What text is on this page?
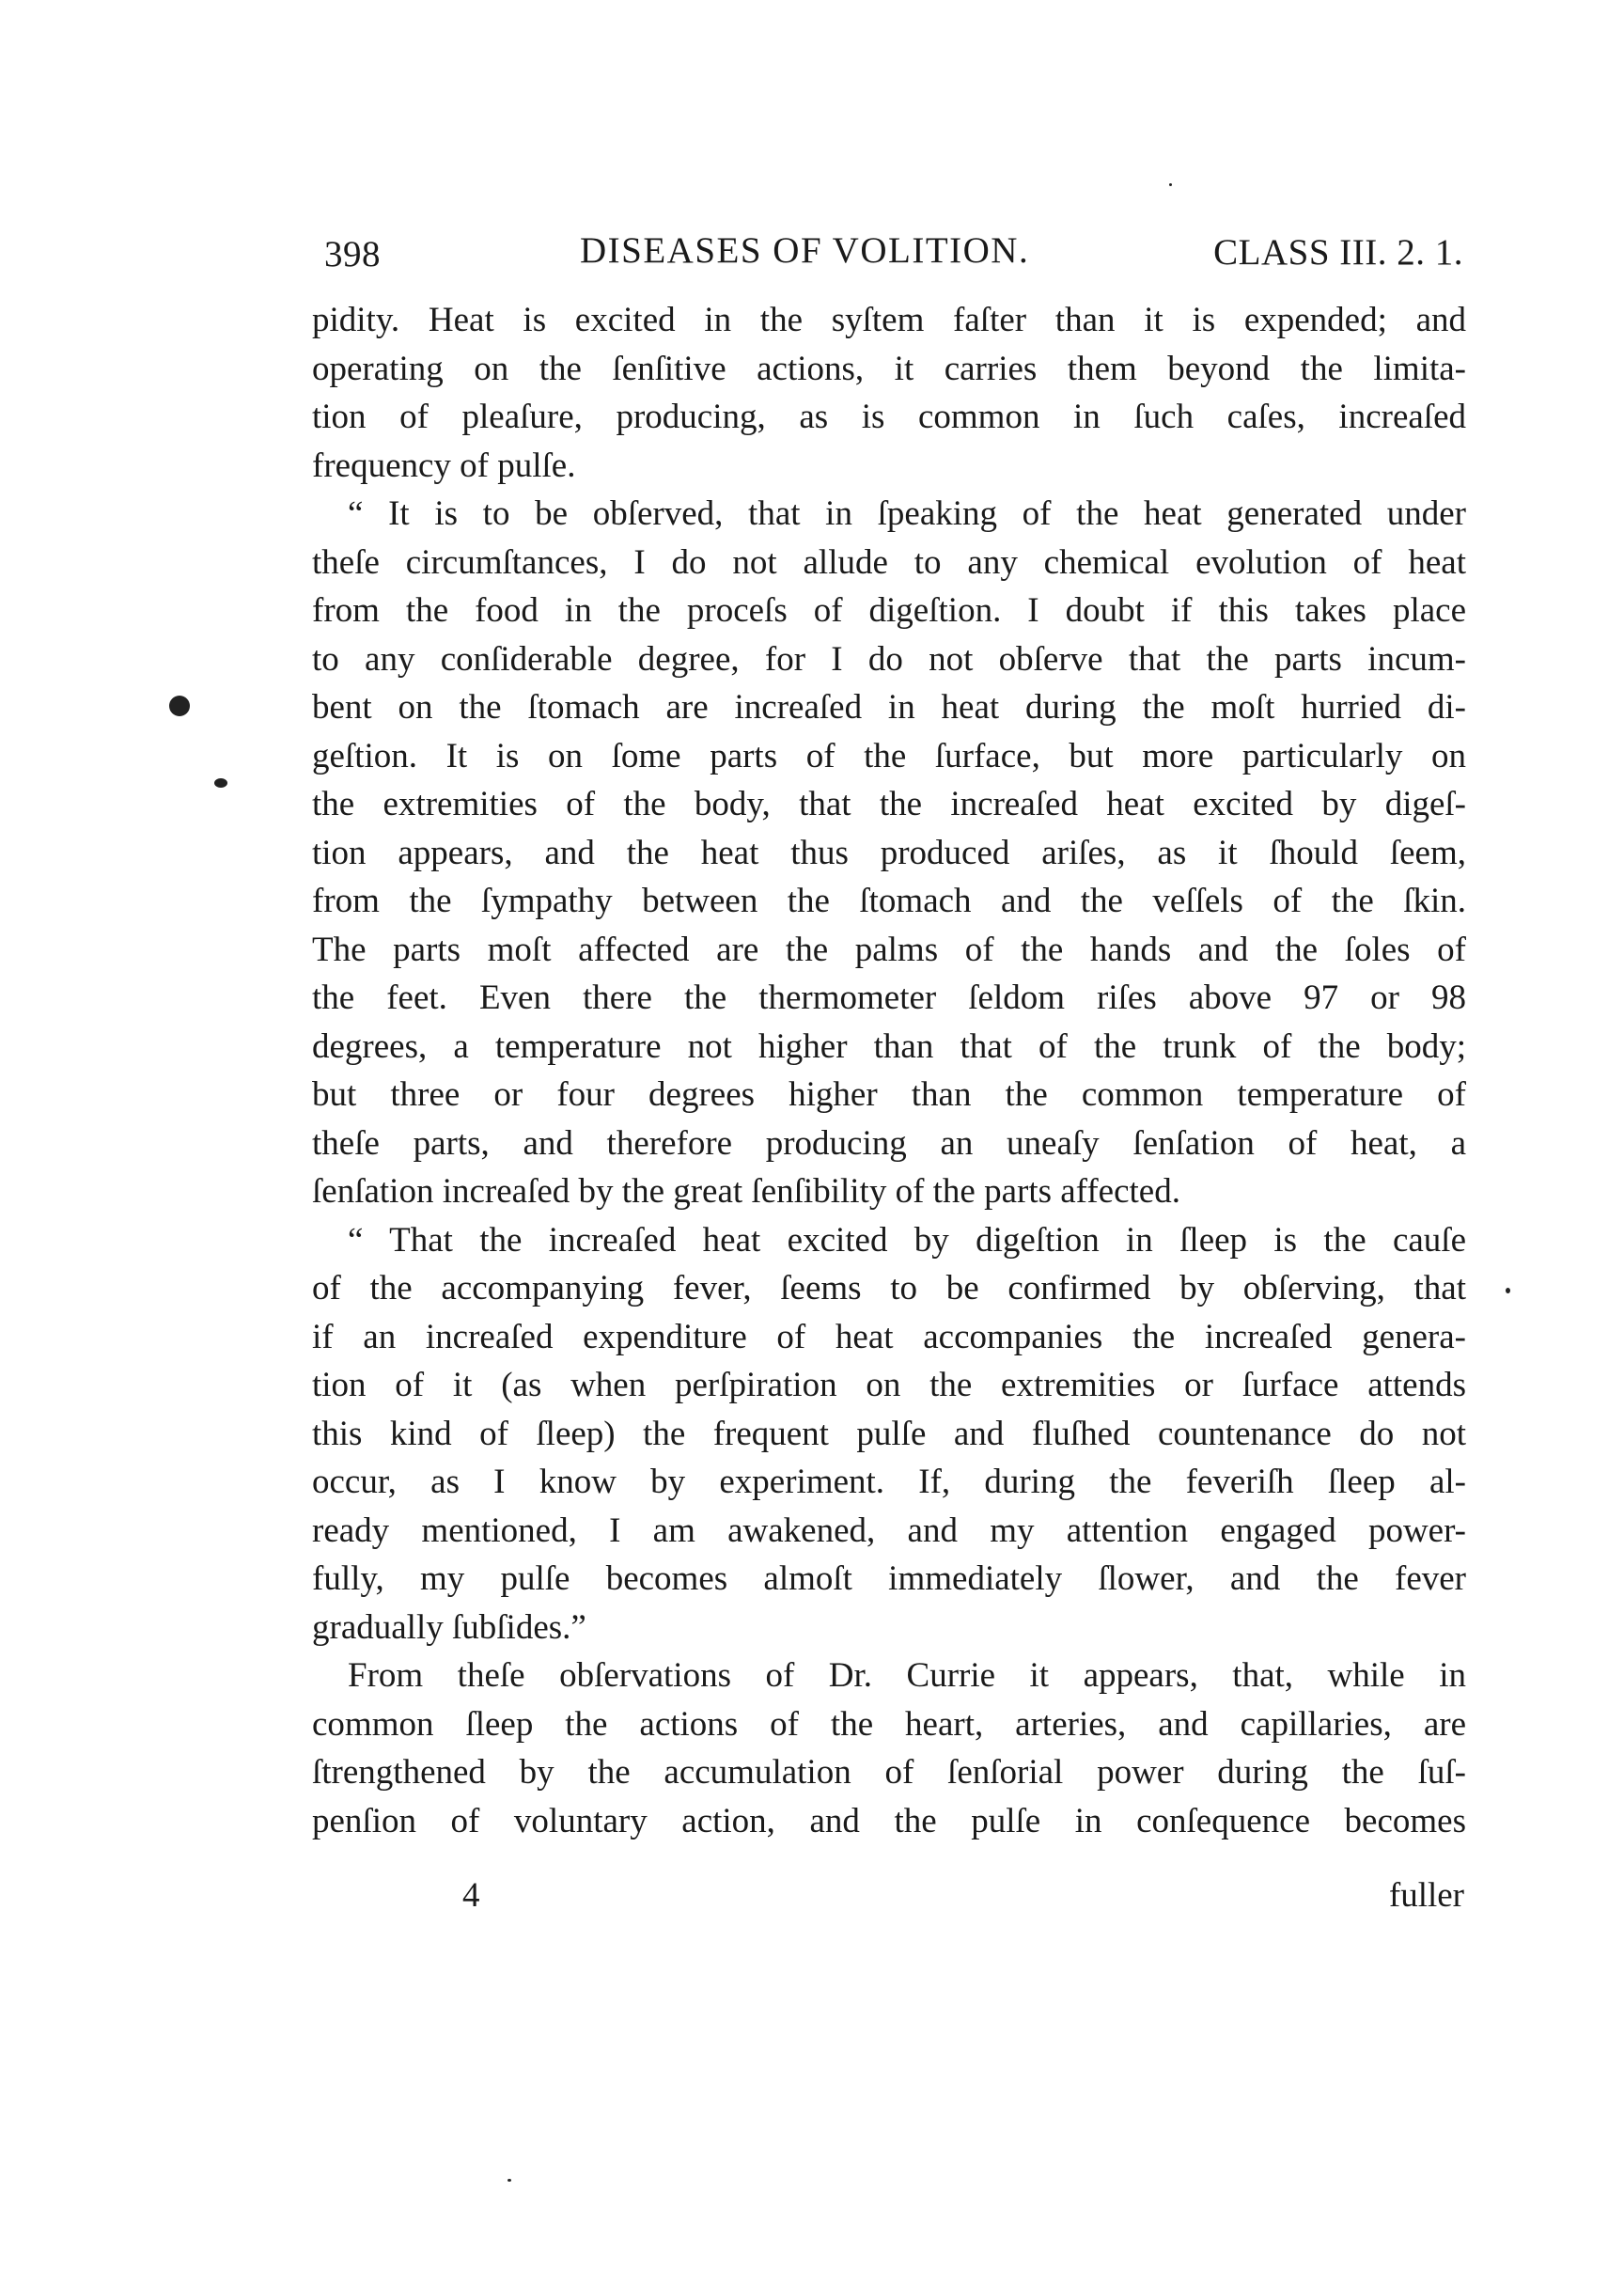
398	DISEASES OF VOLITION.	CLASS III. 2. 1.
pidity. Heat is excited in the syſtem faſter than it is expended; and
operating on the ſenſitive actions, it carries them beyond the limita-
tion of pleaſure, producing, as is common in ſuch caſes, increaſed
frequency of pulſe.
“ It is to be obſerved, that in ſpeaking of the heat generated under
theſe circumſtances, I do not allude to any chemical evolution of heat
from the food in the proceſs of digeſtion. I doubt if this takes place
to any conſiderable degree, for I do not obſerve that the parts incum-
bent on the ſtomach are increaſed in heat during the moſt hurried di-
geſtion. It is on ſome parts of the ſurface, but more particularly on
the extremities of the body, that the increaſed heat excited by digeſ-
tion appears, and the heat thus produced ariſes, as it ſhould ſeem,
from the ſympathy between the ſtomach and the veſſels of the ſkin.
The parts moſt affected are the palms of the hands and the ſoles of
the feet. Even there the thermometer ſeldom riſes above 97 or 98
degrees, a temperature not higher than that of the trunk of the body;
but three or four degrees higher than the common temperature of
theſe parts, and therefore producing an uneaſy ſenſation of heat, a
ſenſation increaſed by the great ſenſibility of the parts affected.
“ That the increaſed heat excited by digeſtion in ſleep is the cauſe
of the accompanying fever, ſeems to be confirmed by obſerving, that
if an increaſed expenditure of heat accompanies the increaſed genera-
tion of it (as when perſpiration on the extremities or ſurface attends
this kind of ſleep) the frequent pulſe and fluſhed countenance do not
occur, as I know by experiment. If, during the feveriſh ſleep al-
ready mentioned, I am awakened, and my attention engaged power-
fully, my pulſe becomes almoſt immediately ſlower, and the fever
gradually ſubſides.”
From theſe obſervations of Dr. Currie it appears, that, while in
common ſleep the actions of the heart, arteries, and capillaries, are
ſtrengthened by the accumulation of ſenſorial power during the ſuſ-
penſion of voluntary action, and the pulſe in conſequence becomes
4	fuller
